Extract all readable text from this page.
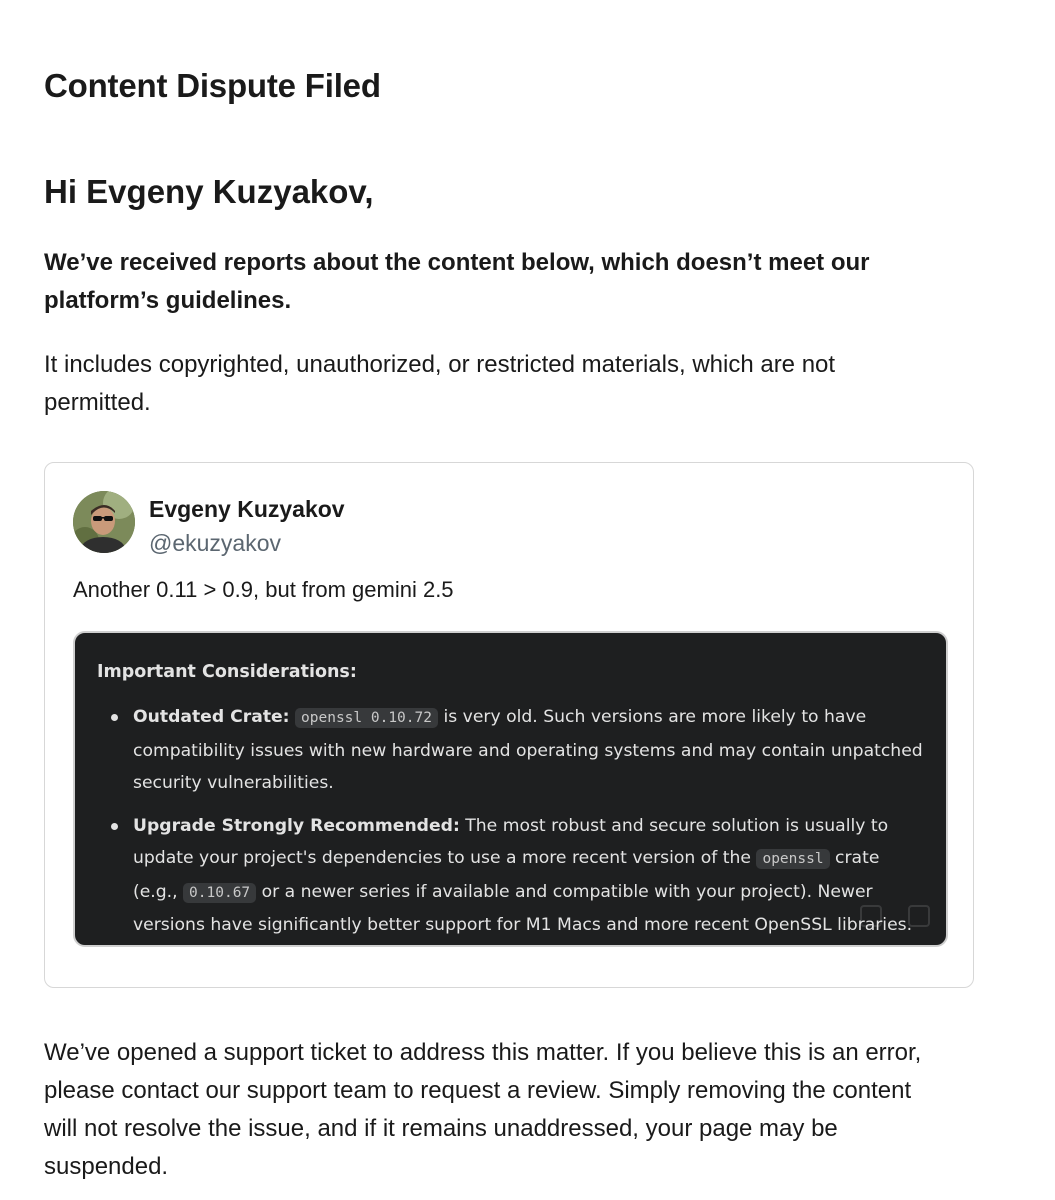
Content Dispute Filed
Hi Evgeny Kuzyakov,

We’ve received reports about the content below, which doesn’t meet our platform’s guidelines.

It includes copyrighted, unauthorized, or restricted materials, which are not permitted.

Evgeny Kuzyakov
@ekuzyakov

Another 0.11 > 0.9, but from gemini 2.5

Important Considerations:
Outdated Crate: openssl 0.10.72 is very old. Such versions are more likely to have compatibility issues with new hardware and operating systems and may contain unpatched security vulnerabilities.
Upgrade Strongly Recommended: The most robust and secure solution is usually to update your project's dependencies to use a more recent version of the openssl crate (e.g., 0.10.67 or a newer series if available and compatible with your project). Newer versions have significantly better support for M1 Macs and more recent OpenSSL libraries.

We’ve opened a support ticket to address this matter. If you believe this is an error, please contact our support team to request a review. Simply removing the content will not resolve the issue, and if it remains unaddressed, your page may be suspended.
